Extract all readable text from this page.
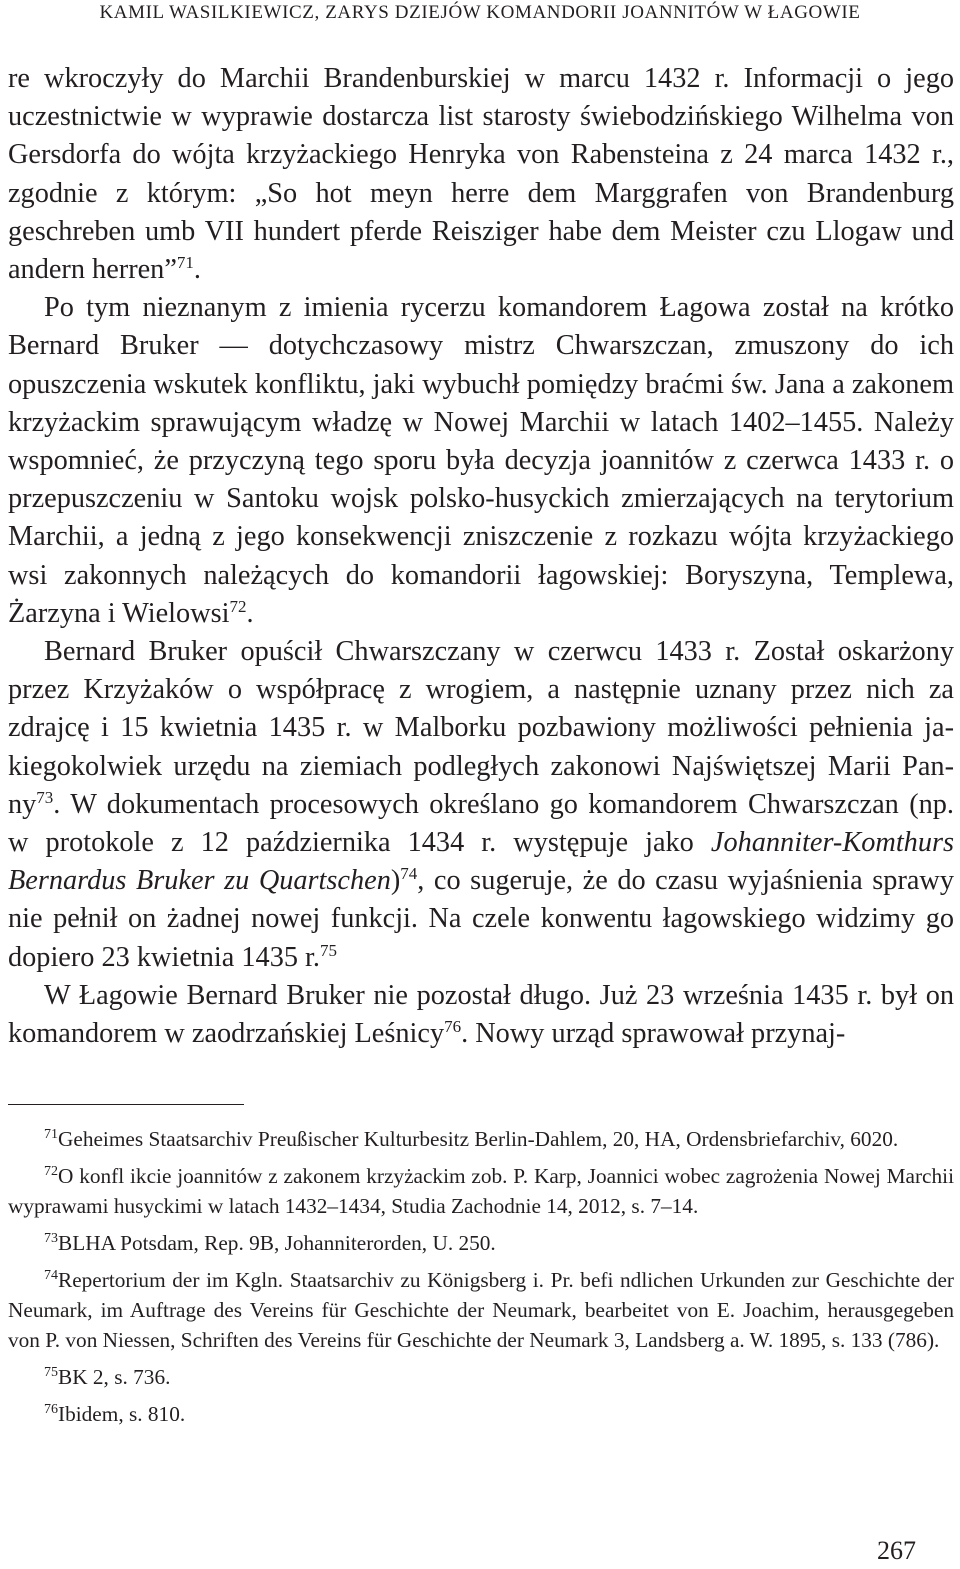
KAMIL WASILKIEWICZ, ZARYS DZIEJÓW KOMANDORII JOANNITÓW W ŁAGOWIE

re wkroczyły do Marchii Brandenburskiej w marcu 1432 r. Informacji o jego uczestnictwie w wyprawie dostarcza list starosty świebodzińskiego Wilhelma von Gersdorfa do wójta krzyżackiego Henryka von Rabensteina z 24 marca 1432 r., zgodnie z którym: „So hot meyn herre dem Marggrafen von Brandenburg geschreben umb VII hundert pferde Reisziger habe dem Meister czu Llogaw und andern herren”$^{71}$.

Po tym nieznanym z imienia rycerzu komandorem Łagowa został na krótko Bernard Bruker — dotychczasowy mistrz Chwarszczan, zmuszony do ich opuszczenia wskutek konfliktu, jaki wybuchł pomiędzy braćmi św. Jana a zakonem krzyżackim sprawującym władzę w Nowej Marchii w latach 1402–1455. Należy wspomnieć, że przyczyną tego sporu była decyzja joannitów z czerwca 1433 r. o przepuszczeniu w Santoku wojsk polsko-husyckich zmierzających na terytorium Marchii, a jedną z jego konsekwencji zniszczenie z rozkazu wójta krzyżackiego wsi zakonnych należących do komandorii łagowskiej: Boryszyna, Templewa, Żarzyna i Wielowsi$^{72}$.

Bernard Bruker opuścił Chwarszczany w czerwcu 1433 r. Został oskarżony przez Krzyżaków o współpracę z wrogiem, a następnie uznany przez nich za zdrajcę i 15 kwietnia 1435 r. w Malborku pozbawiony możliwości pełnienia jakiegokolwiek urzędu na ziemiach podległych zakonowi Najświętszej Marii Panny$^{73}$. W dokumentach procesowych określano go komandorem Chwarszczan (np. w protokole z 12 października 1434 r. występuje jako Johanniter-Komthurs Bernardus Bruker zu Quartschen)$^{74}$, co sugeruje, że do czasu wyjaśnienia sprawy nie pełnił on żadnej nowej funkcji. Na czele konwentu łagowskiego widzimy go dopiero 23 kwietnia 1435 r.$^{75}$

W Łagowie Bernard Bruker nie pozostał długo. Już 23 września 1435 r. był on komandorem w zaodrzańskiej Leśnicy$^{76}$. Nowy urząd sprawował przynaj-

$^{71}$Geheimes Staatsarchiv Preußischer Kulturbesitz Berlin-Dahlem, 20, HA, Ordensbriefarchiv, 6020.

$^{72}$O konfl ikcie joannitów z zakonem krzyżackim zob. P. Karp, Joannici wobec zagrożenia Nowej Marchii wyprawami husyckimi w latach 1432–1434, Studia Zachodnie 14, 2012, s. 7–14.

$^{73}$BLHA Potsdam, Rep. 9B, Johanniterorden, U. 250.

$^{74}$Repertorium der im Kgln. Staatsarchiv zu Königsberg i. Pr. befi ndlichen Urkunden zur Geschichte der Neumark, im Auftrage des Vereins für Geschichte der Neumark, bearbeitet von E. Joachim, herausgegeben von P. von Niessen, Schriften des Vereins für Geschichte der Neumark 3, Landsberg a. W. 1895, s. 133 (786).

$^{75}$BK 2, s. 736.

$^{76}$Ibidem, s. 810.

267
